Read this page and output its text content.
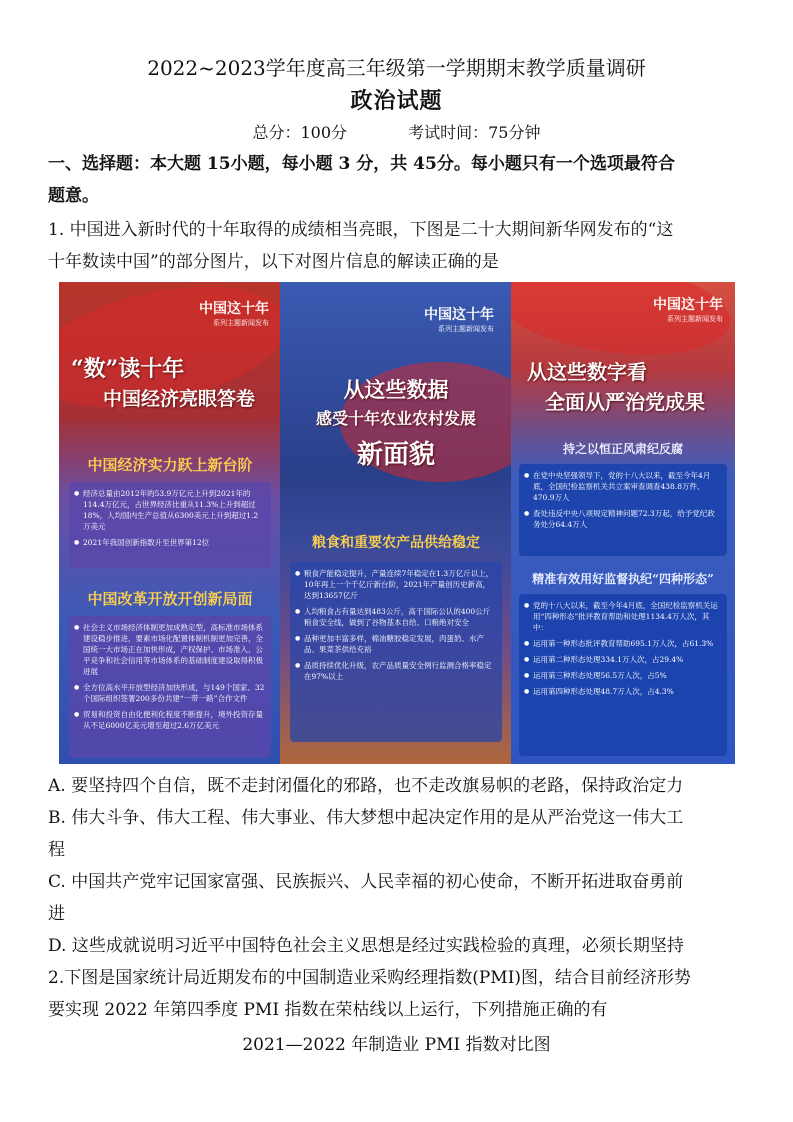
2022~2023学年度高三年级第一学期期末教学质量调研
政治试题
总分：100分	考试时间：75分钟
一、选择题：本大题 15小题，每小题 3 分，共 45分。每小题只有一个选项最符合
题意。
1. 中国进入新时代的十年取得的成绩相当亮眼，下图是二十大期间新华网发布的“这
十年数读中国”的部分图片，以下对图片信息的解读正确的是
中国这十年
系列主题新闻发布
“数”读十年
中国经济亮眼答卷
中国经济实力跃上新台阶

● 经济总量由2012年的53.9万亿元上升到2021年的114.4万亿元，占世界经济比重从11.3%上升到超过18%，人均国内生产总值从6300美元上升到超过1.2万美元

● 2021年我国创新指数升至世界第12位

中国改革开放开创新局面

● 社会主义市场经济体制更加成熟定型，高标准市场体系建设稳步推进，要素市场化配置体制机制更加完善，全国统一大市场正在加快形成，产权保护、市场准入、公平竞争和社会信用等市场体系的基础制度建设取得积极进展

● 全方位高水平开放型经济加快形成，与149个国家、32个国际组织签署200多份共建“一带一路”合作文件

● 贸易和投资自由化便利化程度不断提升，境外投资存量从不足6000亿美元增至超过2.6万亿美元

中国这十年
系列主题新闻发布
从这些数据
感受十年农业农村发展
新面貌
粮食和重要农产品供给稳定

● 粮食产能稳定提升，产量连续7年稳定在1.3万亿斤以上，10年再上一个千亿斤新台阶，2021年产量创历史新高，达到13657亿斤

● 人均粮食占有量达到483公斤，高于国际公认的400公斤粮食安全线，做到了谷物基本自给、口粮绝对安全

● 品种更加丰富多样，棉油糖胶稳定发展，肉蛋奶、水产品、果菜茶供给充裕

● 品质持续优化升级，农产品质量安全例行监测合格率稳定在97%以上

中国这十年
系列主题新闻发布
从这些数字看
全面从严治党成果
持之以恒正风肃纪反腐

● 在党中央坚强领导下，党的十八大以来，截至今年4月底，全国纪检监察机关共立案审查调查438.8万件、470.9万人

● 查处违反中央八项规定精神问题72.3万起，给予党纪政务处分64.4万人

精准有效用好监督执纪“四种形态”

● 党的十八大以来，截至今年4月底，全国纪检监察机关运用“四种形态”批评教育帮助和处理1134.4万人次，其中：

● 运用第一种形态批评教育帮助695.1万人次，占61.3%

● 运用第二种形态处理334.1万人次，占29.4%

● 运用第三种形态处理56.5万人次，占5%

● 运用第四种形态处理48.7万人次，占4.3%

A. 要坚持四个自信，既不走封闭僵化的邪路，也不走改旗易帜的老路，保持政治定力
B. 伟大斗争、伟大工程、伟大事业、伟大梦想中起决定作用的是从严治党这一伟大工
程
C. 中国共产党牢记国家富强、民族振兴、人民幸福的初心使命，不断开拓进取奋勇前
进
D. 这些成就说明习近平中国特色社会主义思想是经过实践检验的真理，必须长期坚持
2.下图是国家统计局近期发布的中国制造业采购经理指数(PMI)图，结合目前经济形势
要实现 2022 年第四季度 PMI 指数在荣枯线以上运行，下列措施正确的有
2021—2022 年制造业 PMI 指数对比图
